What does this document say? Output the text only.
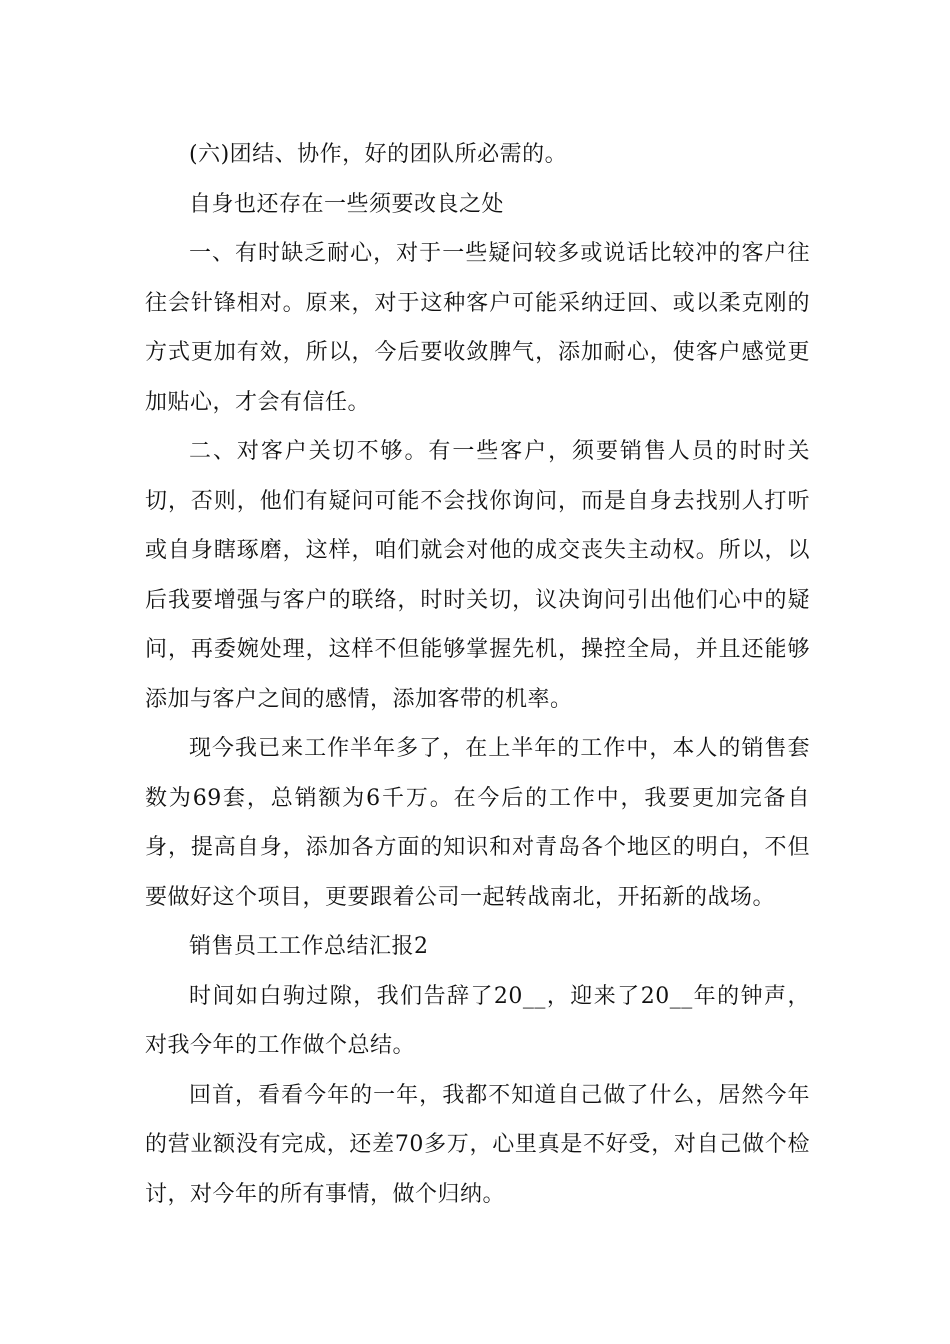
(六)团结、协作，好的团队所必需的。

自身也还存在一些须要改良之处

一、有时缺乏耐心，对于一些疑问较多或说话比较冲的客户往往会针锋相对。原来，对于这种客户可能采纳迂回、或以柔克刚的方式更加有效，所以，今后要收敛脾气，添加耐心，使客户感觉更加贴心，才会有信任。

二、对客户关切不够。有一些客户，须要销售人员的时时关切，否则，他们有疑问可能不会找你询问，而是自身去找别人打听或自身瞎琢磨，这样，咱们就会对他的成交丧失主动权。所以，以后我要增强与客户的联络，时时关切，议决询问引出他们心中的疑问，再委婉处理，这样不但能够掌握先机，操控全局，并且还能够添加与客户之间的感情，添加客带的机率。

现今我已来工作半年多了，在上半年的工作中，本人的销售套数为69套，总销额为6千万。在今后的工作中，我要更加完备自身，提高自身，添加各方面的知识和对青岛各个地区的明白，不但要做好这个项目，更要跟着公司一起转战南北，开拓新的战场。

销售员工工作总结汇报2

时间如白驹过隙，我们告辞了20__，迎来了20__年的钟声，对我今年的工作做个总结。

回首，看看今年的一年，我都不知道自己做了什么，居然今年的营业额没有完成，还差70多万，心里真是不好受，对自己做个检讨，对今年的所有事情，做个归纳。
